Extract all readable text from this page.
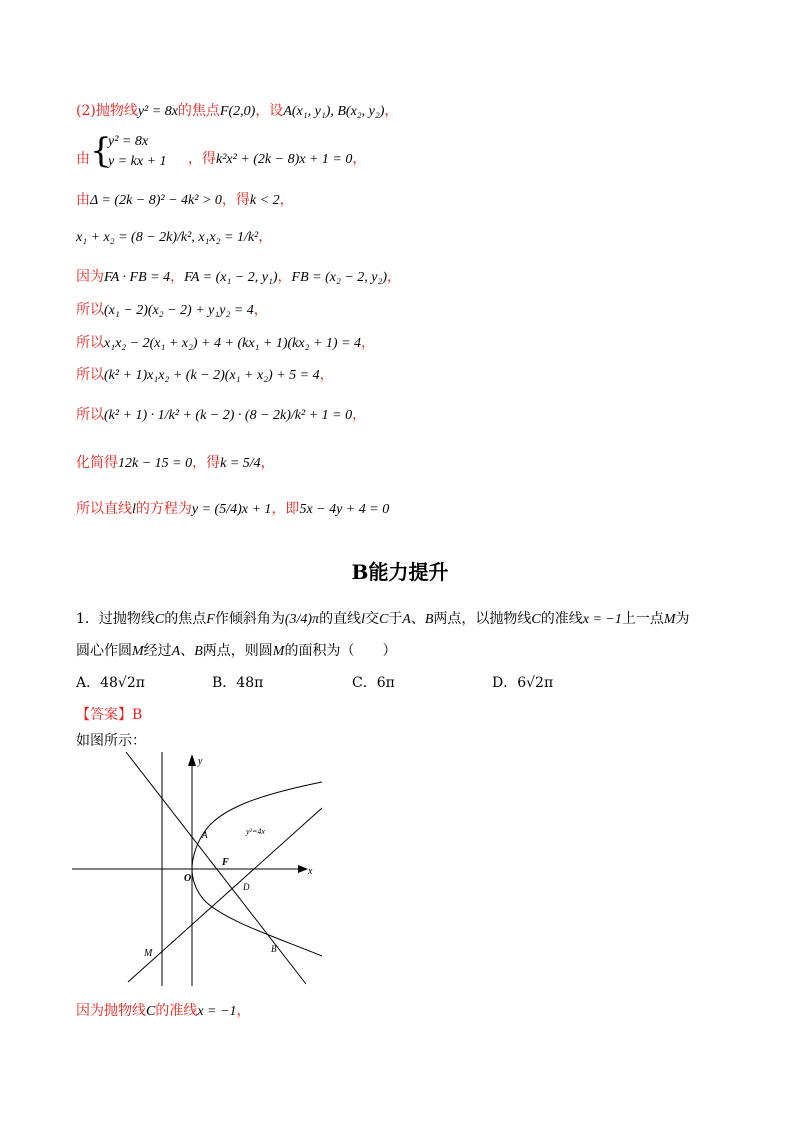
(2)抛物线y² = 8x的焦点F(2,0)，设A(x₁, y₁), B(x₂, y₂)，
由 {
y² = 8x
y = kx + 1 ，得k²x² + (2k − 8)x + 1 = 0，
由Δ = (2k − 8)² − 4k² > 0，得k < 2，
x₁ + x₂ = (8 − 2k)/k², x₁x₂ = 1/k²，
因为FA · FB = 4，FA = (x₁ − 2, y₁)，FB = (x₂ − 2, y₂)，
所以(x₁ − 2)(x₂ − 2) + y₁y₂ = 4，
所以x₁x₂ − 2(x₁ + x₂) + 4 + (kx₁ + 1)(kx₂ + 1) = 4，
所以(k² + 1)x₁x₂ + (k − 2)(x₁ + x₂) + 5 = 4，
所以(k² + 1) · 1/k² + (k − 2) · (8 − 2k)/k² + 1 = 0，
化简得12k − 15 = 0，得k = 5/4，
所以直线l的方程为y = (5/4)x + 1，即5x − 4y + 4 = 0
B能力提升
1．过抛物线C的焦点F作倾斜角为(3/4)π的直线l交C于A、B两点，以抛物线C的准线x = −1上一点M为
圆心作圆M经过A、B两点，则圆M的面积为（　　）
A．48√2π	B．48π	C．6π	D．6√2π
【答案】B
如图所示：
y
x
O
A
F
D
B
M
y²=4x
因为抛物线C的准线x = −1，
